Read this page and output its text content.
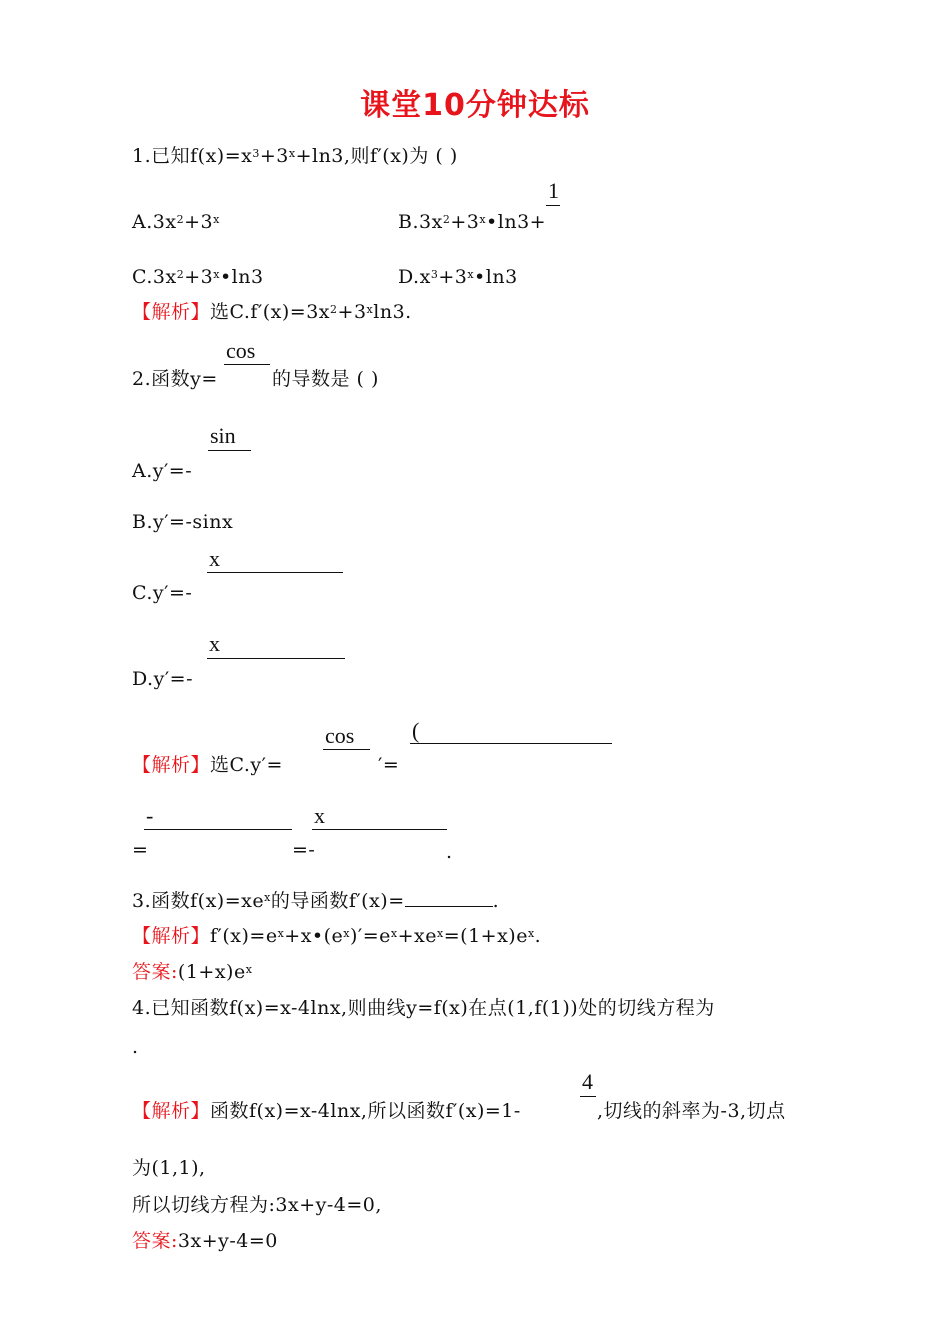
课堂10分钟达标
1.已知$f(x)=x^3+3^x+\ln 3$,则f′(x)为 ( )
$A.3x^2+3^x$	$B.3x^2+3^x•\ln 3+$
1
$C.3x^2+3^x•\ln 3$	$D.x^3+3^x•\ln 3$
【解析】选$C.f'(x)=3x^2+3^x\ln 3$.
cos
2.函数y=	的导数是 ( )
sin
A.y′=-
B.y′=-sinx
x
C.y′=-
x
D.y′=-
cos	(
【解析】选C.y′=	′=
-	x
=	=-	.
3.函数$f(x)=xe^x$的导函数f′(x)=	.
【解析】$f'(x)=e^x+x•(e^x)'=e^x+xe^x=(1+x)e^x$.
答案$:(1+x)e^x$
4.已知函数f(x)=x-4lnx,则曲线y=f(x)在点(1,f(1))处的切线方程为
.
4
【解析】函数f(x)=x-4lnx,所以函数f′(x)=1-	,切线的斜率为-3,切点
为(1,1),
所以切线方程为:3x+y-4=0,
答案:3x+y-4=0
